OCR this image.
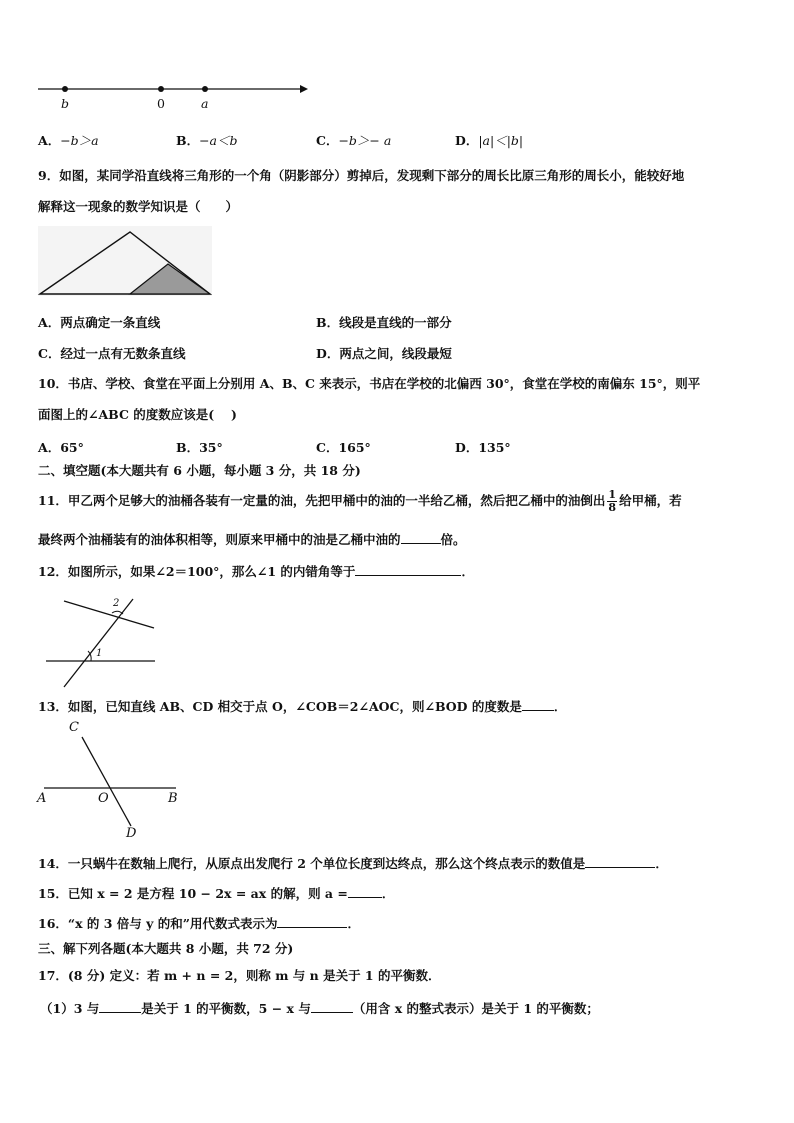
b	0	a
A．−b＞a	B．−a＜b	C．−b＞− a	D．|a|＜|b|
9．如图，某同学沿直线将三角形的一个角（阴影部分）剪掉后，发现剩下部分的周长比原三角形的周长小，能较好地
解释这一现象的数学知识是（　　）
A．两点确定一条直线	B．线段是直线的一部分
C．经过一点有无数条直线	D．两点之间，线段最短
10．书店、学校、食堂在平面上分别用 A、B、C 来表示，书店在学校的北偏西 30°，食堂在学校的南偏东 15°，则平
面图上的∠ABC 的度数应该是(　 )
A．65°	B．35°	C．165°	D．135°
二、填空题(本大题共有 6 小题，每小题 3 分，共 18 分)
11．甲乙两个足够大的油桶各装有一定量的油，先把甲桶中的油的一半给乙桶，然后把乙桶中的油倒出 $\frac{1}{8}$ 给甲桶，若
最终两个油桶装有的油体积相等，则原来甲桶中的油是乙桶中油的	倍。
12．如图所示，如果∠2＝100°，那么∠1 的内错角等于	．
2
1
13．如图，已知直线 AB、CD 相交于点 O，∠COB＝2∠AOC，则∠BOD 的度数是	．
C
A	O	B
D
14．一只蜗牛在数轴上爬行，从原点出发爬行 2 个单位长度到达终点，那么这个终点表示的数值是	．
15．已知 x = 2 是方程 10 − 2x = ax 的解，则 a =	．
16．“x 的 3 倍与 y 的和”用代数式表示为	．
三、解下列各题(本大题共 8 小题，共 72 分)
17．(8 分) 定义：若 m + n = 2，则称 m 与 n 是关于 1 的平衡数．
（1）3 与	是关于 1 的平衡数，5 − x 与	（用含 x 的整式表示）是关于 1 的平衡数；
